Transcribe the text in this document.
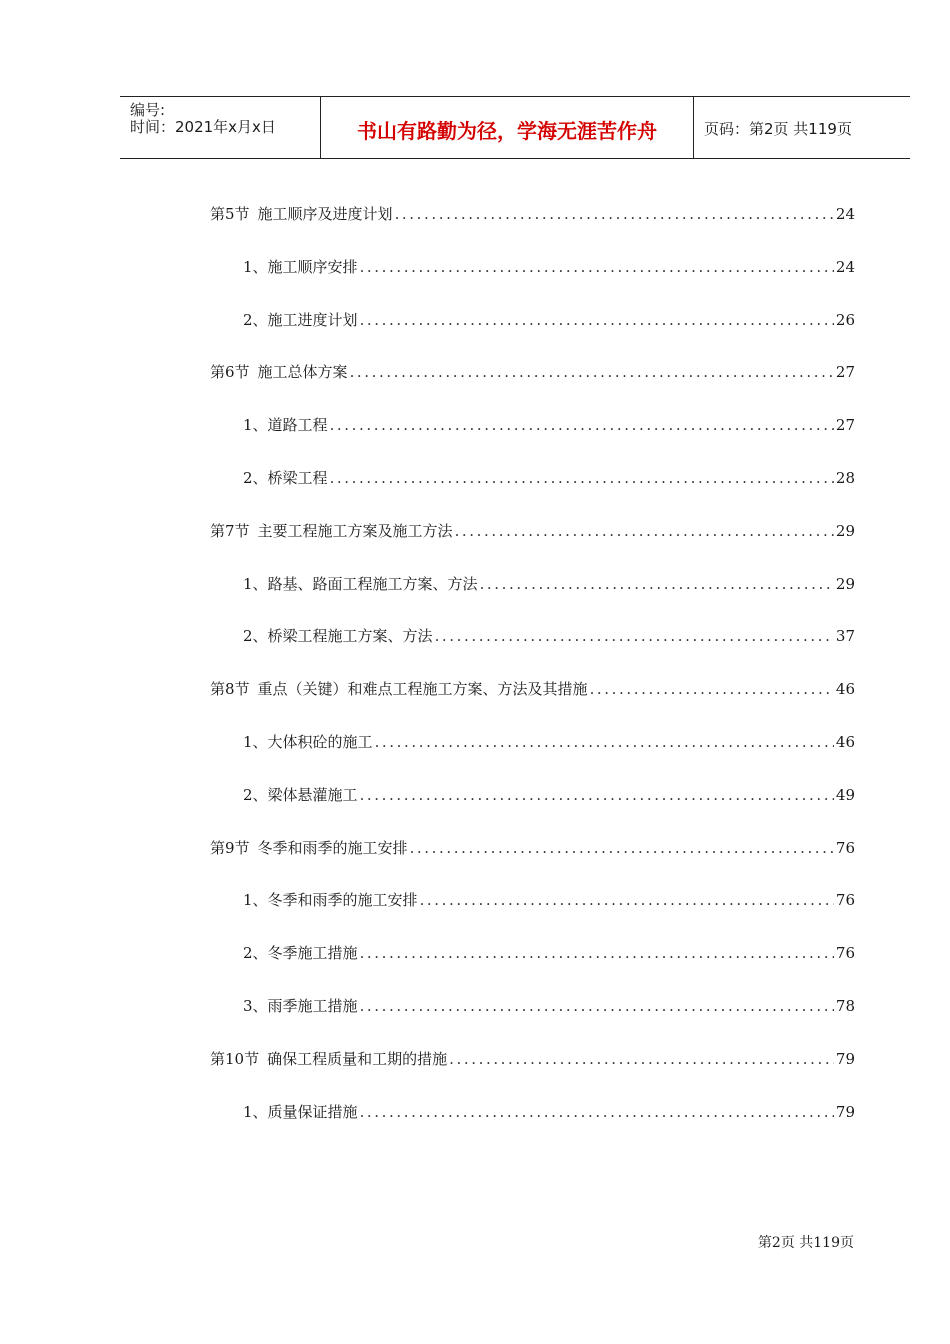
编号:
时间：2021年x月x日	书山有路勤为径，学海无涯苦作舟	页码：第2页 共119页
第5节 施工顺序及进度计划 .....	24
1、 施工顺序安排 .....	24
2、 施工进度计划 .....	26
第6节 施工总体方案 .....	27
1、 道路工程 .....	27
2、 桥梁工程 .....	28
第7节 主要工程施工方案及施工方法 .....	29
1、 路基、路面工程施工方案、方法 .....	29
2、 桥梁工程施工方案、方法 .....	37
第8节 重点（关键）和难点工程施工方案、方法及其措施 .....	46
1、 大体积砼的施工 .....	46
2、 梁体悬灌施工 .....	49
第9节 冬季和雨季的施工安排 .....	76
1、 冬季和雨季的施工安排 .....	76
2、 冬季施工措施 .....	76
3、 雨季施工措施 .....	78
第10节 确保工程质量和工期的措施 .....	79
1、 质量保证措施 .....	79
第2页 共119页
